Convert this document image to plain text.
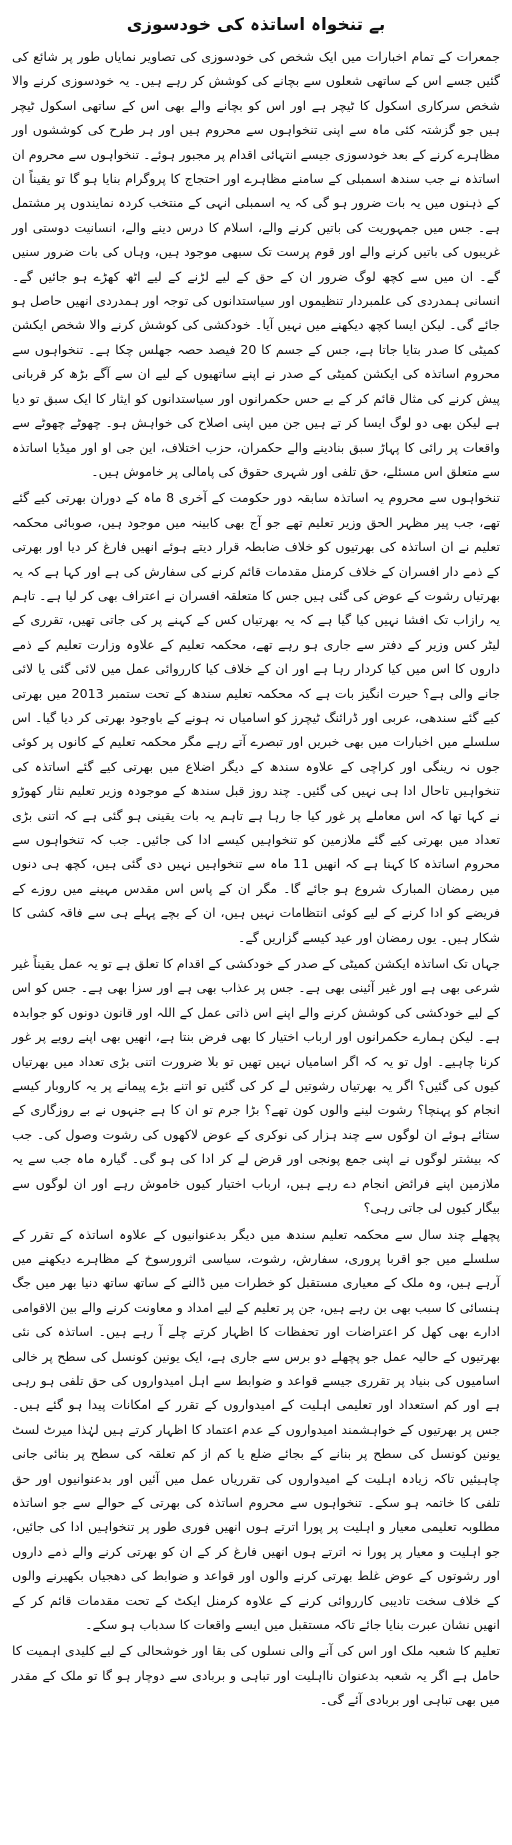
بے تنخواہ اساتذہ کی خودسوزی

جمعرات کے تمام اخبارات میں ایک شخص کی خودسوزی کی تصاویر نمایاں طور پر شائع کی گئیں جسے اس کے ساتھی شعلوں سے بچانے کی کوشش کر رہے ہیں۔ یہ خودسوزی کرنے والا شخص سرکاری اسکول کا ٹیچر ہے اور اس کو بچانے والے بھی اس کے ساتھی اسکول ٹیچر ہیں جو گزشتہ کئی ماہ سے اپنی تنخواہوں سے محروم ہیں اور ہر طرح کی کوششوں اور مظاہرے کرنے کے بعد خودسوزی جیسے انتہائی اقدام پر مجبور ہوئے۔ تنخواہوں سے محروم ان اساتذہ نے جب سندھ اسمبلی کے سامنے مظاہرے اور احتجاج کا پروگرام بنایا ہو گا تو یقیناً ان کے ذہنوں میں یہ بات ضرور ہو گی کہ یہ اسمبلی انہی کے منتخب کردہ نمایندوں پر مشتمل ہے۔ جس میں جمہوریت کی باتیں کرنے والے، اسلام کا درس دینے والے، انسانیت دوستی اور غریبوں کی باتیں کرنے والے اور قوم پرست تک سبھی موجود ہیں، وہاں کی بات ضرور سنیں گے۔ ان میں سے کچھ لوگ ضرور ان کے حق کے لیے لڑنے کے لیے اٹھ کھڑے ہو جائیں گے۔ انسانی ہمدردی کی علمبردار تنظیموں اور سیاستدانوں کی توجہ اور ہمدردی انھیں حاصل ہو جائے گی۔ لیکن ایسا کچھ دیکھنے میں نہیں آیا۔ خودکشی کی کوشش کرنے والا شخص ایکشن کمیٹی کا صدر بتایا جاتا ہے، جس کے جسم کا 20 فیصد حصہ جھلس چکا ہے۔ تنخواہوں سے محروم اساتذہ کی ایکشن کمیٹی کے صدر نے اپنے ساتھیوں کے لیے ان سے آگے بڑھ کر قربانی پیش کرنے کی مثال قائم کر کے بے حس حکمرانوں اور سیاستدانوں کو ایثار کا ایک سبق تو دیا ہے لیکن بھی دو لوگ ایسا کر تے ہیں جن میں اپنی اصلاح کی خواہش ہو۔ چھوٹے چھوٹے سے واقعات پر رائی کا پہاڑ سبق بنادینے والے حکمران، حزب اختلاف، این جی او اور میڈیا اساتذہ سے متعلق اس مسئلے، حق تلفی اور شہری حقوق کی پامالی پر خاموش ہیں۔

تنخواہوں سے محروم یہ اساتذہ سابقہ دور حکومت کے آخری 8 ماہ کے دوران بھرتی کیے گئے تھے، جب پیر مظہر الحق وزیر تعلیم تھے جو آج بھی کابینہ میں موجود ہیں، صوبائی محکمہ تعلیم نے ان اساتذہ کی بھرتیوں کو خلاف ضابطہ قرار دیتے ہوئے انھیں فارغ کر دیا اور بھرتی کے ذمے دار افسران کے خلاف کرمنل مقدمات قائم کرنے کی سفارش کی ہے اور کہا ہے کہ یہ بھرتیاں رشوت کے عوض کی گئی ہیں جس کا متعلقہ افسران نے اعتراف بھی کر لیا ہے۔ تاہم یہ رازاب تک افشا نہیں کیا گیا ہے کہ یہ بھرتیاں کس کے کہنے پر کی جاتی تھیں، تقرری کے لیٹر کس وزیر کے دفتر سے جاری ہو رہے تھے، محکمہ تعلیم کے علاوہ وزارت تعلیم کے ذمے داروں کا اس میں کیا کردار رہا ہے اور ان کے خلاف کیا کارروائی عمل میں لائی گئی یا لائی جانے والی ہے؟ حیرت انگیز بات ہے کہ محکمہ تعلیم سندھ کے تحت ستمبر 2013 میں بھرتی کیے گئے سندھی، عربی اور ڈرائنگ ٹیچرز کو اسامیاں نہ ہونے کے باوجود بھرتی کر دیا گیا۔ اس سلسلے میں اخبارات میں بھی خبریں اور تبصرے آتے رہے مگر محکمہ تعلیم کے کانوں پر کوئی جوں نہ رینگی اور کراچی کے علاوہ سندھ کے دیگر اضلاع میں بھرتی کیے گئے اساتذہ کی تنخواہیں تاحال ادا ہی نہیں کی گئیں۔ چند روز قبل سندھ کے موجودہ وزیر تعلیم نثار کھوڑو نے کہا تھا کہ اس معاملے پر غور کیا جا رہا ہے تاہم یہ بات یقینی ہو گئی ہے کہ اتنی بڑی تعداد میں بھرتی کیے گئے ملازمین کو تنخواہیں کیسے ادا کی جائیں۔ جب کہ تنخواہوں سے محروم اساتذہ کا کہنا ہے کہ انھیں 11 ماہ سے تنخواہیں نہیں دی گئی ہیں، کچھ ہی دنوں میں رمضان المبارک شروع ہو جائے گا۔ مگر ان کے پاس اس مقدس مہینے میں روزے کے فریضے کو ادا کرنے کے لیے کوئی انتظامات نہیں ہیں، ان کے بچے پہلے ہی سے فاقہ کشی کا شکار ہیں۔ یوں رمضان اور عید کیسے گزاریں گے۔

جہاں تک اساتذہ ایکشن کمیٹی کے صدر کے خودکشی کے اقدام کا تعلق ہے تو یہ عمل یقیناً غیر شرعی بھی ہے اور غیر آئینی بھی ہے۔ جس پر عذاب بھی ہے اور سزا بھی ہے۔ جس کو اس کے لیے خودکشی کی کوشش کرنے والے اپنے اس ذاتی عمل کے اللہ اور قانون دونوں کو جوابدہ ہے۔ لیکن ہمارے حکمرانوں اور ارباب اختیار کا بھی فرض بنتا ہے، انھیں بھی اپنے رویے پر غور کرنا چاہیے۔ اول تو یہ کہ اگر اسامیاں نہیں تھیں تو بلا ضرورت اتنی بڑی تعداد میں بھرتیاں کیوں کی گئیں؟ اگر یہ بھرتیاں رشوتیں لے کر کی گئیں تو اتنے بڑے پیمانے پر یہ کاروبار کیسے انجام کو پہنچا؟ رشوت لینے والوں کون تھے؟ بڑا جرم تو ان کا ہے جنہوں نے بے روزگاری کے ستائے ہوئے ان لوگوں سے چند ہزار کی نوکری کے عوض لاکھوں کی رشوت وصول کی۔ جب کہ بیشتر لوگوں نے اپنی جمع پونجی اور قرض لے کر ادا کی ہو گی۔ گیارہ ماہ جب سے یہ ملازمین اپنے فرائض انجام دے رہے ہیں، ارباب اختیار کیوں خاموش رہے اور ان لوگوں سے بیگار کیوں لی جاتی رہی؟

پچھلے چند سال سے محکمہ تعلیم سندھ میں دیگر بدعنوانیوں کے علاوہ اساتذہ کے تقرر کے سلسلے میں جو اقربا پروری، سفارش، رشوت، سیاسی اثرورسوخ کے مظاہرے دیکھنے میں آرہے ہیں، وہ ملک کے معیاری مستقبل کو خطرات میں ڈالنے کے ساتھ ساتھ دنیا بھر میں جگ ہنسائی کا سبب بھی بن رہے ہیں، جن پر تعلیم کے لیے امداد و معاونت کرنے والے بین الاقوامی ادارے بھی کھل کر اعتراضات اور تحفظات کا اظہار کرتے چلے آ رہے ہیں۔ اساتذہ کی نئی بھرتیوں کے حالیہ عمل جو پچھلے دو برس سے جاری ہے، ایک یونین کونسل کی سطح پر خالی اسامیوں کی بنیاد پر تقرری جیسے قواعد و ضوابط سے اہل امیدواروں کی حق تلفی ہو رہی ہے اور کم استعداد اور تعلیمی اہلیت کے امیدواروں کے تقرر کے امکانات پیدا ہو گئے ہیں۔ جس پر بھرتیوں کے خواہشمند امیدواروں کے عدم اعتماد کا اظہار کرتے ہیں لہٰذا میرٹ لسٹ یونین کونسل کی سطح پر بنانے کے بجائے ضلع یا کم از کم تعلقہ کی سطح پر بنائی جانی چاہیئیں تاکہ زیادہ اہلیت کے امیدواروں کی تقرریاں عمل میں آئیں اور بدعنوانیوں اور حق تلفی کا خاتمہ ہو سکے۔ تنخواہوں سے محروم اساتذہ کی بھرتی کے حوالے سے جو اساتذہ مطلوبہ تعلیمی معیار و اہلیت پر پورا اترتے ہوں انھیں فوری طور پر تنخواہیں ادا کی جائیں، جو اہلیت و معیار پر پورا نہ اترتے ہوں انھیں فارغ کر کے ان کو بھرتی کرنے والے ذمے داروں اور رشوتوں کے عوض غلط بھرتی کرنے والوں اور قواعد و ضوابط کی دھجیاں بکھیرنے والوں کے خلاف سخت تادیبی کارروائی کرنے کے علاوہ کرمنل ایکٹ کے تحت مقدمات قائم کر کے انھیں نشان عبرت بنایا جائے تاکہ مستقبل میں ایسے واقعات کا سدباب ہو سکے۔

تعلیم کا شعبہ ملک اور اس کی آنے والی نسلوں کی بقا اور خوشحالی کے لیے کلیدی اہمیت کا حامل ہے اگر یہ شعبہ بدعنوان نااہلیت اور تباہی و بربادی سے دوچار ہو گا تو ملک کے مقدر میں بھی تباہی اور بربادی آئے گی۔
